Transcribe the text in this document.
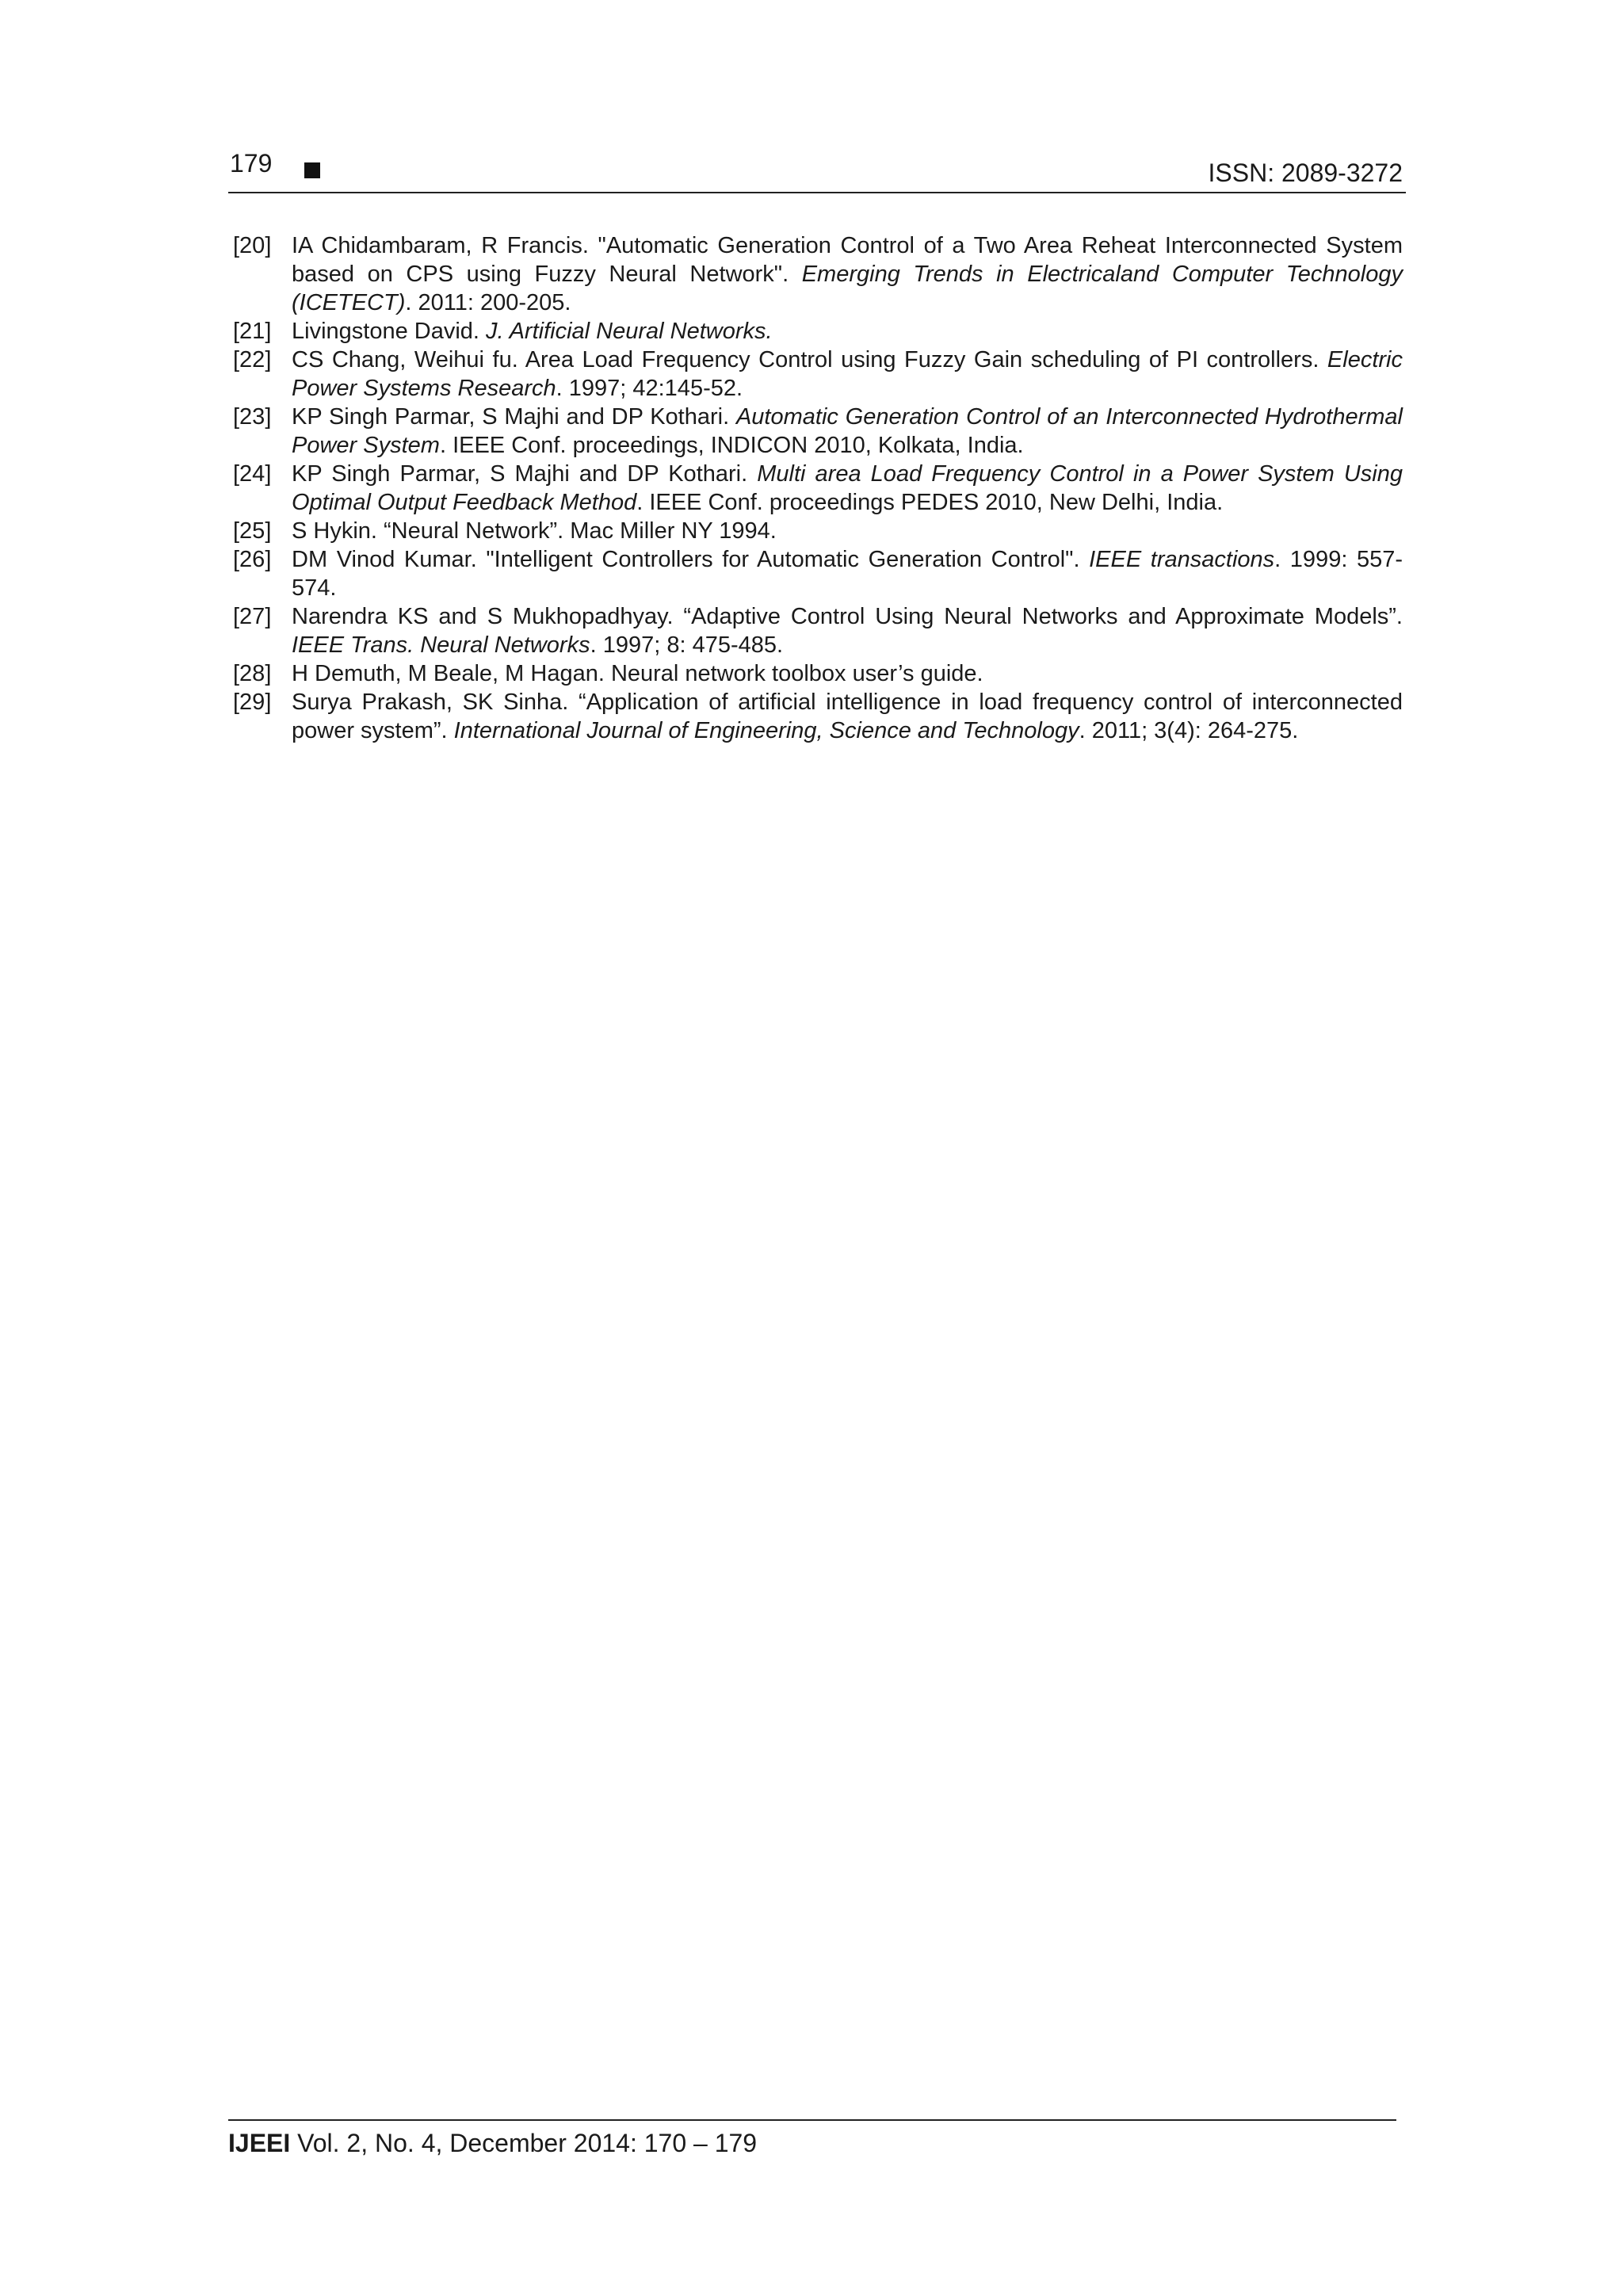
179	ISSN: 2089-3272
[20] IA Chidambaram, R Francis. "Automatic Generation Control of a Two Area Reheat Interconnected System based on CPS using Fuzzy Neural Network". Emerging Trends in Electricaland Computer Technology (ICETECT). 2011: 200-205.
[21] Livingstone David. J. Artificial Neural Networks.
[22] CS Chang, Weihui fu. Area Load Frequency Control using Fuzzy Gain scheduling of PI controllers. Electric Power Systems Research. 1997; 42:145-52.
[23] KP Singh Parmar, S Majhi and DP Kothari. Automatic Generation Control of an Interconnected Hydrothermal Power System. IEEE Conf. proceedings, INDICON 2010, Kolkata, India.
[24] KP Singh Parmar, S Majhi and DP Kothari. Multi area Load Frequency Control in a Power System Using Optimal Output Feedback Method. IEEE Conf. proceedings PEDES 2010, New Delhi, India.
[25] S Hykin. “Neural Network”. Mac Miller NY 1994.
[26] DM Vinod Kumar. "Intelligent Controllers for Automatic Generation Control". IEEE transactions. 1999: 557-574.
[27] Narendra KS and S Mukhopadhyay. “Adaptive Control Using Neural Networks and Approximate Models”. IEEE Trans. Neural Networks. 1997; 8: 475-485.
[28] H Demuth, M Beale, M Hagan. Neural network toolbox user’s guide.
[29] Surya Prakash, SK Sinha. “Application of artificial intelligence in load frequency control of interconnected power system”. International Journal of Engineering, Science and Technology. 2011; 3(4): 264-275.
IJEEI Vol. 2, No. 4, December 2014: 170 – 179
